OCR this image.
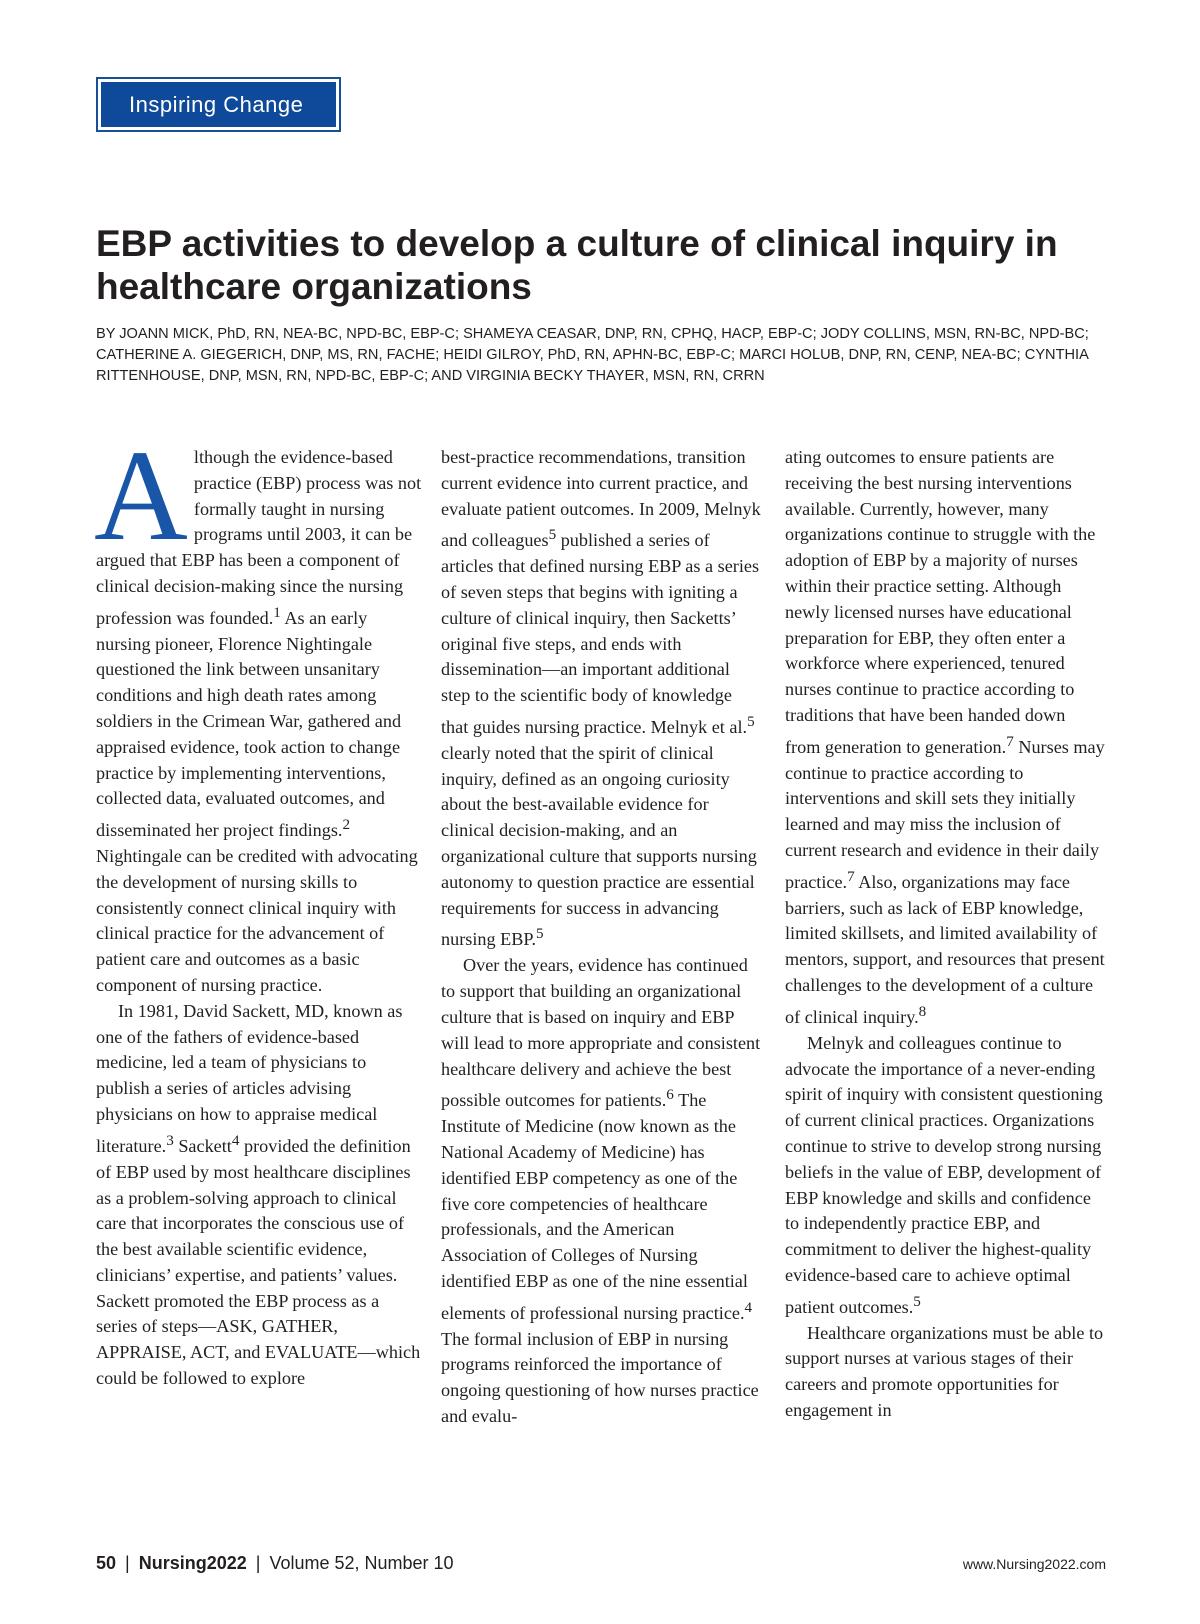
Inspiring Change
EBP activities to develop a culture of clinical inquiry in healthcare organizations

BY JOANN MICK, PhD, RN, NEA-BC, NPD-BC, EBP-C; SHAMEYA CEASAR, DNP, RN, CPHQ, HACP, EBP-C; JODY COLLINS, MSN, RN-BC, NPD-BC; CATHERINE A. GIEGERICH, DNP, MS, RN, FACHE; HEIDI GILROY, PhD, RN, APHN-BC, EBP-C; MARCI HOLUB, DNP, RN, CENP, NEA-BC; CYNTHIA RITTENHOUSE, DNP, MSN, RN, NPD-BC, EBP-C; AND VIRGINIA BECKY THAYER, MSN, RN, CRRN

Although the evidence-based practice (EBP) process was not formally taught in nursing programs until 2003, it can be argued that EBP has been a component of clinical decision-making since the nursing profession was founded.$^1$ As an early nursing pioneer, Florence Nightingale questioned the link between unsanitary conditions and high death rates among soldiers in the Crimean War, gathered and appraised evidence, took action to change practice by implementing interventions, collected data, evaluated outcomes, and disseminated her project findings.$^2$ Nightingale can be credited with advocating the development of nursing skills to consistently connect clinical inquiry with clinical practice for the advancement of patient care and outcomes as a basic component of nursing practice.

In 1981, David Sackett, MD, known as one of the fathers of evidence-based medicine, led a team of physicians to publish a series of articles advising physicians on how to appraise medical literature.$^3$ Sackett$^4$ provided the definition of EBP used by most healthcare disciplines as a problem-solving approach to clinical care that incorporates the conscious use of the best available scientific evidence, clinicians’ expertise, and patients’ values. Sackett promoted the EBP process as a series of steps—ASK, GATHER, APPRAISE, ACT, and EVALUATE—which could be followed to explore

best-practice recommendations, transition current evidence into current practice, and evaluate patient outcomes. In 2009, Melnyk and colleagues$^5$ published a series of articles that defined nursing EBP as a series of seven steps that begins with igniting a culture of clinical inquiry, then Sacketts’ original five steps, and ends with dissemination—an important additional step to the scientific body of knowledge that guides nursing practice. Melnyk et al.$^5$ clearly noted that the spirit of clinical inquiry, defined as an ongoing curiosity about the best-available evidence for clinical decision-making, and an organizational culture that supports nursing autonomy to question practice are essential requirements for success in advancing nursing EBP.$^5$

Over the years, evidence has continued to support that building an organizational culture that is based on inquiry and EBP will lead to more appropriate and consistent healthcare delivery and achieve the best possible outcomes for patients.$^6$ The Institute of Medicine (now known as the National Academy of Medicine) has identified EBP competency as one of the five core competencies of healthcare professionals, and the American Association of Colleges of Nursing identified EBP as one of the nine essential elements of professional nursing practice.$^4$ The formal inclusion of EBP in nursing programs reinforced the importance of ongoing questioning of how nurses practice and evalu-

ating outcomes to ensure patients are receiving the best nursing interventions available. Currently, however, many organizations continue to struggle with the adoption of EBP by a majority of nurses within their practice setting. Although newly licensed nurses have educational preparation for EBP, they often enter a workforce where experienced, tenured nurses continue to practice according to traditions that have been handed down from generation to generation.$^7$ Nurses may continue to practice according to interventions and skill sets they initially learned and may miss the inclusion of current research and evidence in their daily practice.$^7$ Also, organizations may face barriers, such as lack of EBP knowledge, limited skillsets, and limited availability of mentors, support, and resources that present challenges to the development of a culture of clinical inquiry.$^8$

Melnyk and colleagues continue to advocate the importance of a never-ending spirit of inquiry with consistent questioning of current clinical practices. Organizations continue to strive to develop strong nursing beliefs in the value of EBP, development of EBP knowledge and skills and confidence to independently practice EBP, and commitment to deliver the highest-quality evidence-based care to achieve optimal patient outcomes.$^5$

Healthcare organizations must be able to support nurses at various stages of their careers and promote opportunities for engagement in

50 | Nursing2022 | Volume 52, Number 10	www.Nursing2022.com
